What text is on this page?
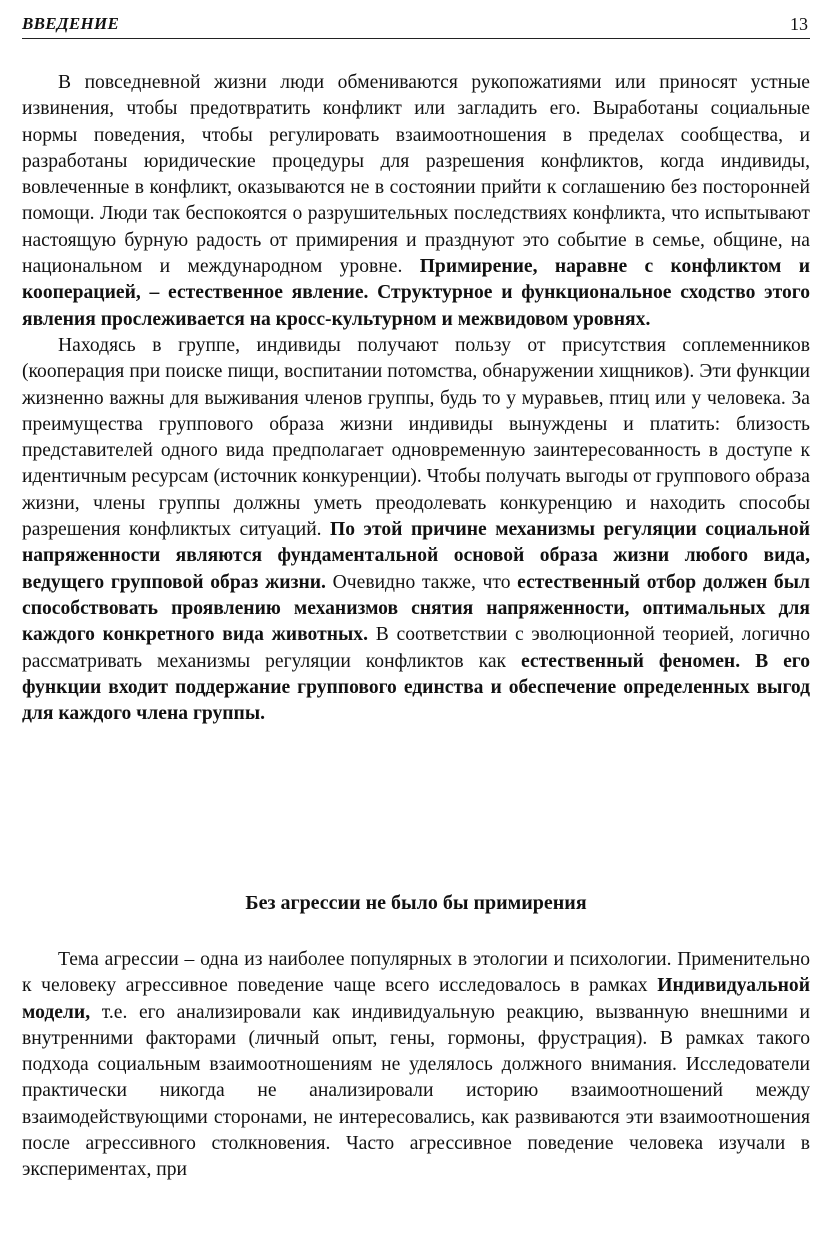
ВВЕДЕНИЕ	13

В повседневной жизни люди обмениваются рукопожатиями или приносят устные извинения, чтобы предотвратить конфликт или загладить его. Выработаны социальные нормы поведения, чтобы регулировать взаимоотношения в пределах сообщества, и разработаны юридические процедуры для разрешения конфликтов, когда индивиды, вовлеченные в конфликт, оказываются не в состоянии прийти к соглашению без посторонней помощи. Люди так беспокоятся о разрушительных последствиях конфликта, что испытывают настоящую бурную радость от примирения и празднуют это событие в семье, общине, на национальном и международном уровне. Примирение, наравне с конфликтом и кооперацией, – естественное явление. Структурное и функциональное сходство этого явления прослеживается на кросс-культурном и межвидовом уровнях.

Находясь в группе, индивиды получают пользу от присутствия соплеменников (кооперация при поиске пищи, воспитании потомства, обнаружении хищников). Эти функции жизненно важны для выживания членов группы, будь то у муравьев, птиц или у человека. За преимущества группового образа жизни индивиды вынуждены и платить: близость представителей одного вида предполагает одновременную заинтересованность в доступе к идентичным ресурсам (источник конкуренции). Чтобы получать выгоды от группового образа жизни, члены группы должны уметь преодолевать конкуренцию и находить способы разрешения конфликтых ситуаций. По этой причине механизмы регуляции социальной напряженности являются фундаментальной основой образа жизни любого вида, ведущего групповой образ жизни. Очевидно также, что естественный отбор должен был способствовать проявлению механизмов снятия напряженности, оптимальных для каждого конкретного вида животных. В соответствии с эволюционной теорией, логично рассматривать механизмы регуляции конфликтов как естественный феномен. В его функции входит поддержание группового единства и обеспечение определенных выгод для каждого члена группы.

Без агрессии не было бы примирения

Тема агрессии – одна из наиболее популярных в этологии и психологии. Применительно к человеку агрессивное поведение чаще всего исследовалось в рамках Индивидуальной модели, т.е. его анализировали как индивидуальную реакцию, вызванную внешними и внутренними факторами (личный опыт, гены, гормоны, фрустрация). В рамках такого подхода социальным взаимоотношениям не уделялось должного внимания. Исследователи практически никогда не анализировали историю взаимоотношений между взаимодействующими сторонами, не интересовались, как развиваются эти взаимоотношения после агрессивного столкновения. Часто агрессивное поведение человека изучали в экспериментах, при
